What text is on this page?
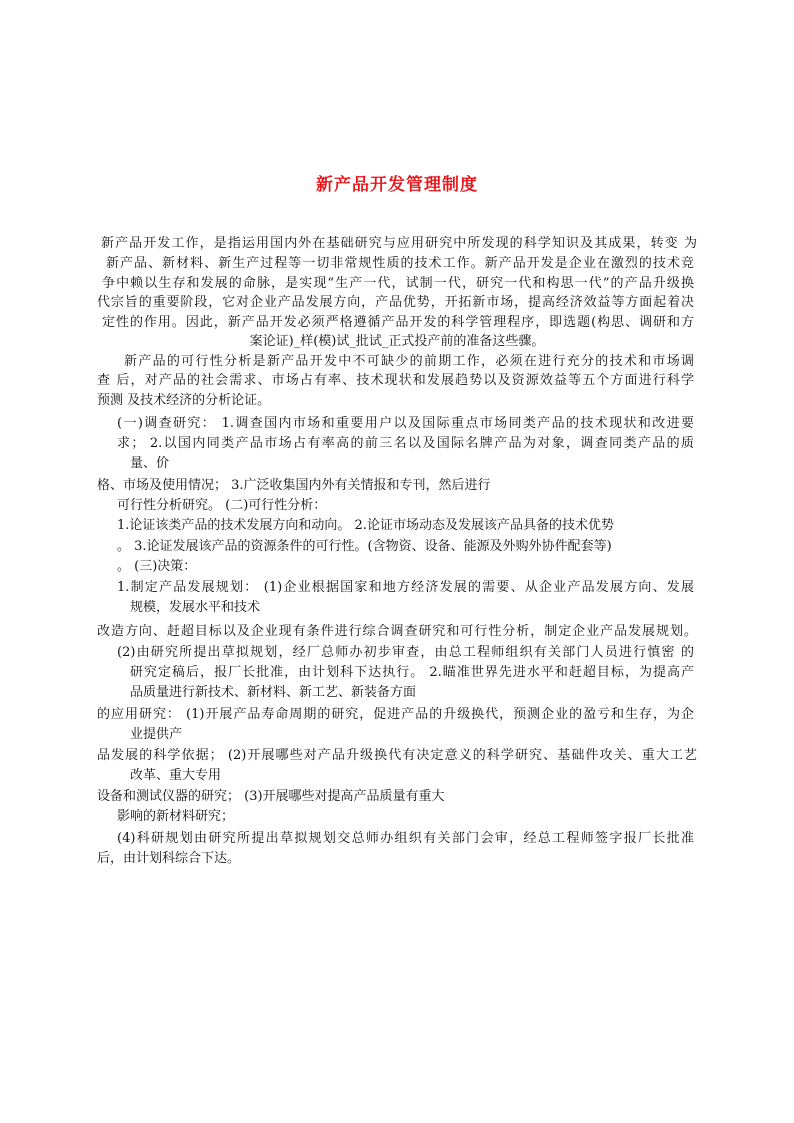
新产品开发管理制度
新产品开发工作，是指运用国内外在基础研究与应用研究中所发现的科学知识及其成果，转变 为
新产品、新材料、新生产过程等一切非常规性质的技术工作。新产品开发是企业在激烈的技术竞
争中赖以生存和发展的命脉，是实现“生产一代，试制一代，研究一代和构思一代”的产品升级换
代宗旨的重要阶段，它对企业产品发展方向，产品优势，开拓新市场，提高经济效益等方面起着决
定性的作用。因此，新产品开发必须严格遵循产品开发的科学管理程序，即选题(构思、调研和方
案论证)_样(模)试_批试_正式投产前的准备这些骤。
新产品的可行性分析是新产品开发中不可缺少的前期工作，必须在进行充分的技术和市场调
查 后，对产品的社会需求、市场占有率、技术现状和发展趋势以及资源效益等五个方面进行科学
预测 及技术经济的分析论证。
(一)调查研究： 1.调查国内市场和重要用户以及国际重点市场同类产品的技术现状和改进要
求； 2.以国内同类产品市场占有率高的前三名以及国际名牌产品为对象，调查同类产品的质
量、价
格、市场及使用情况； 3.广泛收集国内外有关情报和专刊，然后进行
可行性分析研究。 (二)可行性分析：
1.论证该类产品的技术发展方向和动向。 2.论证市场动态及发展该产品具备的技术优势
。 3.论证发展该产品的资源条件的可行性。(含物资、设备、能源及外购外协件配套等)
。 (三)决策：
1.制定产品发展规划： (1)企业根据国家和地方经济发展的需要、从企业产品发展方向、发展
规模，发展水平和技术
改造方向、赶超目标以及企业现有条件进行综合调查研究和可行性分析，制定企业产品发展规划。
(2)由研究所提出草拟规划，经厂总师办初步审查，由总工程师组织有关部门人员进行慎密 的
研究定稿后，报厂长批准，由计划科下达执行。 2.瞄准世界先进水平和赶超目标，为提高产
品质量进行新技术、新材料、新工艺、新装备方面
的应用研究： (1)开展产品寿命周期的研究，促进产品的升级换代，预测企业的盈亏和生存，为企
业提供产
品发展的科学依据； (2)开展哪些对产品升级换代有决定意义的科学研究、基础件攻关、重大工艺
改革、重大专用
设备和测试仪器的研究； (3)开展哪些对提高产品质量有重大
影响的新材料研究；
(4)科研规划由研究所提出草拟规划交总师办组织有关部门会审，经总工程师签字报厂长批准
后，由计划科综合下达。
